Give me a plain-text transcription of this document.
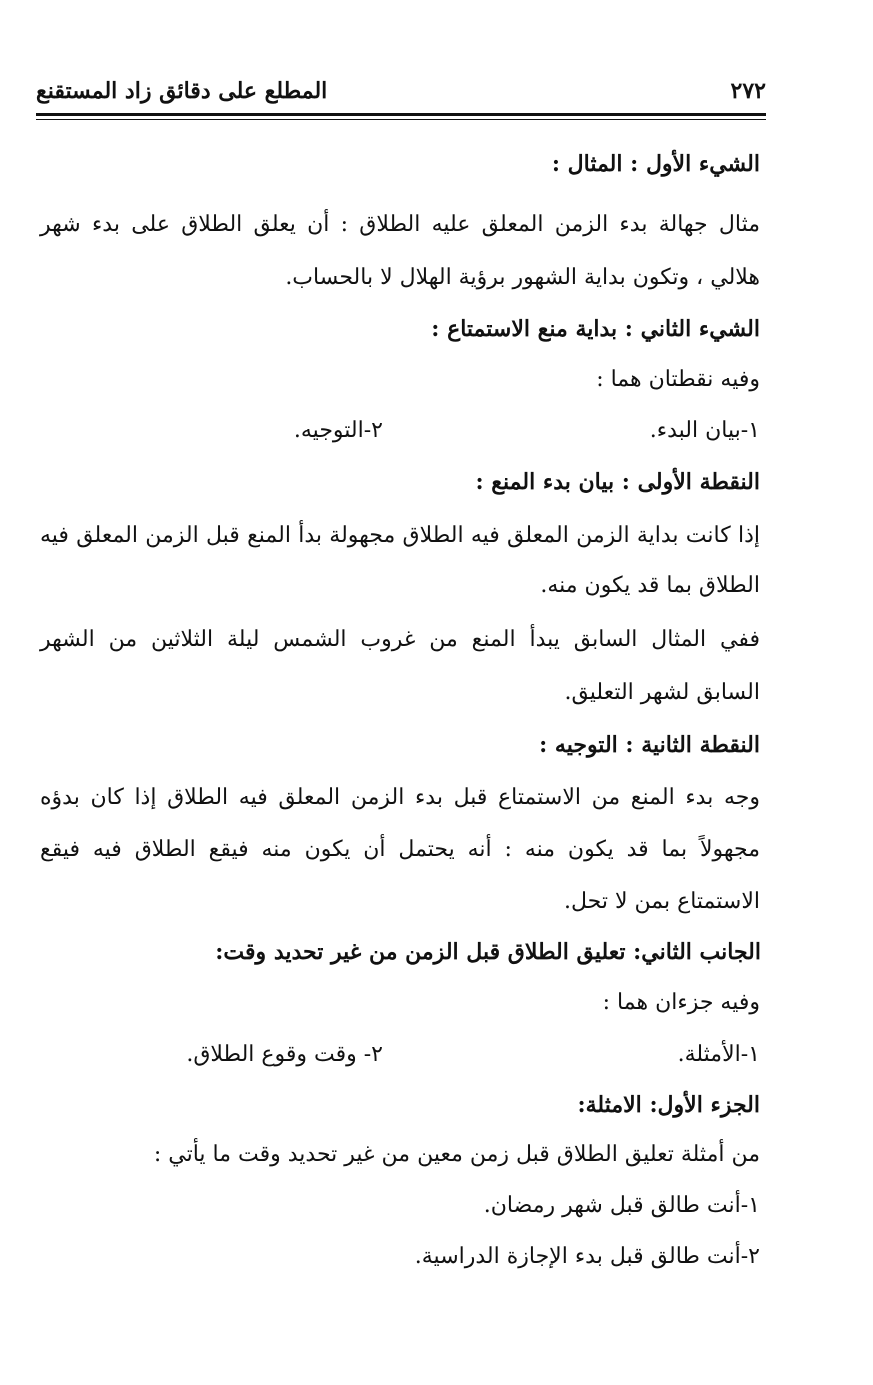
٢٧٢
المطلع على دقائق زاد المستقنع
الشيء الأول : المثال :
مثال جهالة بدء الزمن المعلق عليه الطلاق : أن يعلق الطلاق على بدء شهر
هلالي ، وتكون بداية الشهور برؤية الهلال لا بالحساب.
الشيء الثاني : بداية منع الاستمتاع :
وفيه نقطتان هما :
١-بيان البدء.
٢-التوجيه.
النقطة الأولى : بيان بدء المنع :
إذا كانت بداية الزمن المعلق فيه الطلاق مجهولة بدأ المنع قبل الزمن المعلق فيه
الطلاق بما قد يكون منه.
ففي المثال السابق يبدأ المنع من غروب الشمس ليلة الثلاثين من الشهر
السابق لشهر التعليق.
النقطة الثانية : التوجيه :
وجه بدء المنع من الاستمتاع قبل بدء الزمن المعلق فيه الطلاق إذا كان بدؤه
مجهولاً بما قد يكون منه : أنه يحتمل أن يكون منه فيقع الطلاق فيه فيقع
الاستمتاع بمن لا تحل.
الجانب الثاني: تعليق الطلاق قبل الزمن من غير تحديد وقت:
وفيه جزءان هما :
١-الأمثلة.
٢- وقت وقوع الطلاق.
الجزء الأول: الامثلة:
من أمثلة تعليق الطلاق قبل زمن معين من غير تحديد وقت ما يأتي :
١-أنت طالق قبل شهر رمضان.
٢-أنت طالق قبل بدء الإجازة الدراسية.
